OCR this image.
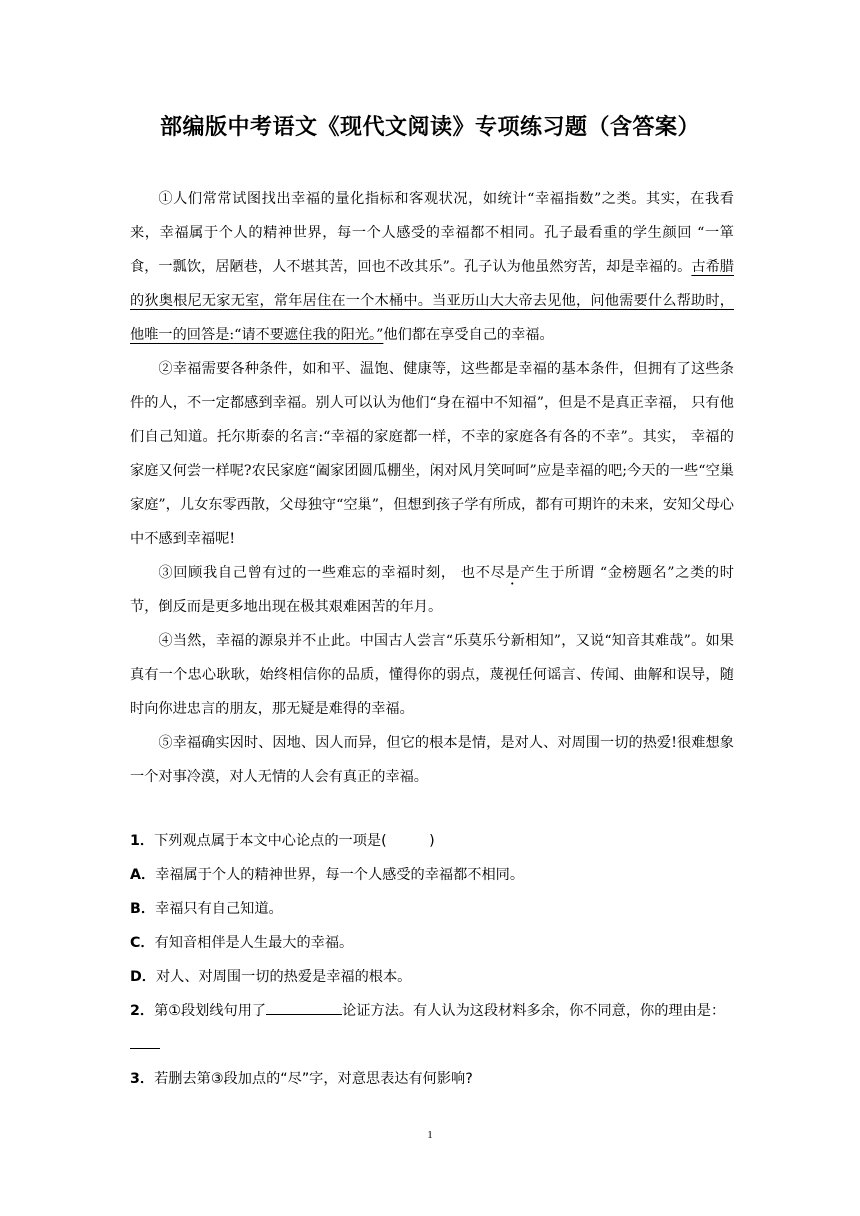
部编版中考语文《现代文阅读》专项练习题（含答案）

①人们常常试图找出幸福的量化指标和客观状况，如统计“幸福指数”之类。其实，在我看来，幸福属于个人的精神世界，每一个人感受的幸福都不相同。孔子最看重的学生颜回 “一箪食，一瓢饮，居陋巷，人不堪其苦，回也不改其乐”。孔子认为他虽然穷苦，却是幸福的。古希腊的狄奥根尼无家无室，常年居住在一个木桶中。当亚历山大大帝去见他，问他需要什么帮助时，他唯一的回答是:“请不要遮住我的阳光。”他们都在享受自己的幸福。

②幸福需要各种条件，如和平、温饱、健康等，这些都是幸福的基本条件，但拥有了这些条件的人，不一定都感到幸福。别人可以认为他们“身在福中不知福”，但是不是真正幸福， 只有他们自己知道。托尔斯泰的名言:“幸福的家庭都一样，不幸的家庭各有各的不幸”。其实， 幸福的家庭又何尝一样呢?农民家庭“阖家团圆瓜棚坐，闲对风月笑呵呵”应是幸福的吧;今天的一些“空巢家庭”，儿女东零西散，父母独守“空巢”，但想到孩子学有所成，都有可期许的未来，安知父母心中不感到幸福呢!

③回顾我自己曾有过的一些难忘的幸福时刻， 也不尽是产生于所谓 “金榜题名”之类的时节，倒反而是更多地出现在极其艰难困苦的年月。

④当然，幸福的源泉并不止此。中国古人尝言“乐莫乐兮新相知”，又说“知音其难哉”。如果真有一个忠心耿耿，始终相信你的品质，懂得你的弱点，蔑视任何谣言、传闻、曲解和误导，随时向你进忠言的朋友，那无疑是难得的幸福。

⑤幸福确实因时、因地、因人而异，但它的根本是情，是对人、对周围一切的热爱!很难想象一个对事冷漠，对人无情的人会有真正的幸福。

1．下列观点属于本文中心论点的一项是(　　　)
A．幸福属于个人的精神世界，每一个人感受的幸福都不相同。
B．幸福只有自己知道。
C．有知音相伴是人生最大的幸福。
D．对人、对周围一切的热爱是幸福的根本。
2．第①段划线句用了	论证方法。有人认为这段材料多余，你不同意，你的理由是：
3．若删去第③段加点的“尽”字，对意思表达有何影响?
1
